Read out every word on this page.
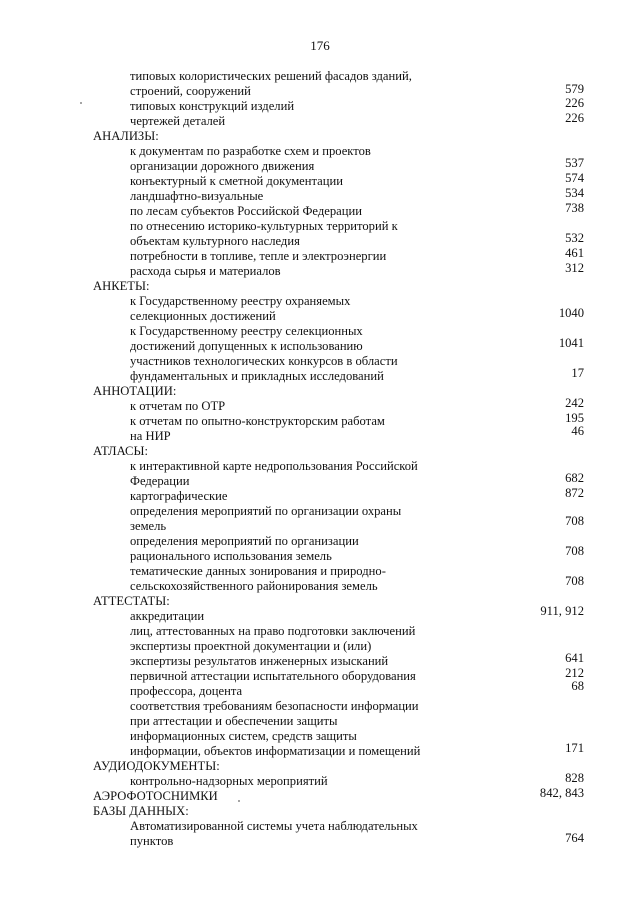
176
типовых колористических решений фасадов зданий,
строений, сооружений	579
типовых конструкций изделий	226
чертежей деталей	226
АНАЛИЗЫ:
к документам по разработке схем и проектов
организации дорожного движения	537
конъектурный к сметной документации	574
ландшафтно-визуальные	534
по лесам субъектов Российской Федерации	738
по отнесению историко-культурных территорий к
объектам культурного наследия	532
потребности в топливе, тепле и электроэнергии	461
расхода сырья и материалов	312
АНКЕТЫ:
к Государственному реестру охраняемых
селекционных достижений	1040
к Государственному реестру селекционных
достижений допущенных к использованию	1041
участников технологических конкурсов в области
фундаментальных и прикладных исследований	17
АННОТАЦИИ:
к отчетам по ОТР	242
к отчетам по опытно-конструкторским работам	195
на НИР	46
АТЛАСЫ:
к интерактивной карте недропользования Российской
Федерации	682
картографические	872
определения мероприятий по организации охраны
земель	708
определения мероприятий по организации
рационального использования земель	708
тематические данных зонирования и природно-
сельскохозяйственного районирования земель	708
АТТЕСТАТЫ:
аккредитации	911, 912
лиц, аттестованных на право подготовки заключений
экспертизы проектной документации и (или)
экспертизы результатов инженерных изысканий	641
первичной аттестации испытательного оборудования	212
профессора, доцента	68
соответствия требованиям безопасности информации
при аттестации и обеспечении защиты
информационных систем, средств защиты
информации, объектов информатизации и помещений	171
АУДИОДОКУМЕНТЫ:
контрольно-надзорных мероприятий	828
АЭРОФОТОСНИМКИ	842, 843
БАЗЫ ДАННЫХ:
Автоматизированной системы учета наблюдательных
пунктов	764
